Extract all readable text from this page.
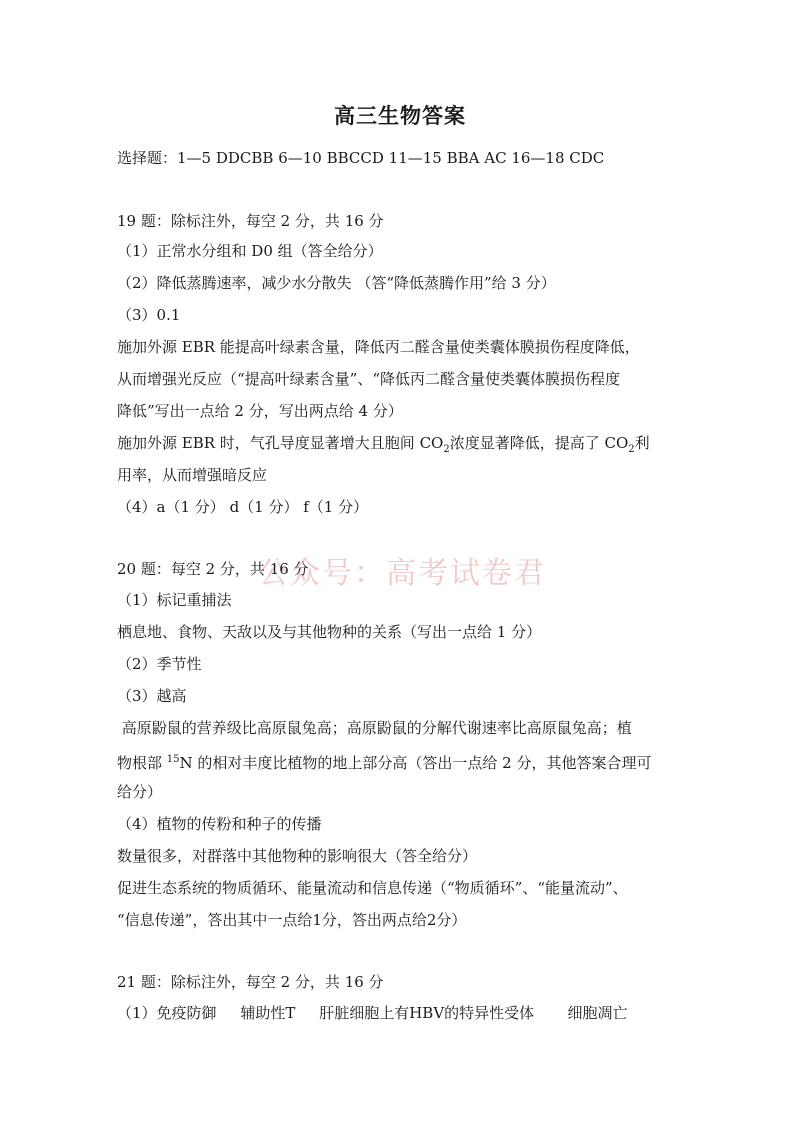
高三生物答案
选择题：1—5 DDCBB 6—10 BBCCD 11—15 BBA AC 16—18 CDC
19 题：除标注外，每空 2 分，共 16 分
（1）正常水分组和 D0 组（答全给分）
（2）降低蒸腾速率，减少水分散失 （答“降低蒸腾作用”给 3 分）
（3）0.1
施加外源 EBR 能提高叶绿素含量，降低丙二醛含量使类囊体膜损伤程度降低，
从而增强光反应（“提高叶绿素含量”、“降低丙二醛含量使类囊体膜损伤程度
降低”写出一点给 2 分，写出两点给 4 分）
施加外源 EBR 时，气孔导度显著增大且胞间 $CO_2$浓度显著降低，提高了 $CO_2$利
用率，从而增强暗反应
（4）a（1 分） d（1 分） f（1 分）
公众号：高考试卷君
20 题：每空 2 分，共 16 分
（1）标记重捕法
栖息地、食物、天敌以及与其他物种的关系（写出一点给 1 分）
（2）季节性
（3）越高
高原鼢鼠的营养级比高原鼠兔高；高原鼢鼠的分解代谢速率比高原鼠兔高；植
物根部 $^{15}$N 的相对丰度比植物的地上部分高（答出一点给 2 分，其他答案合理可
给分）
（4）植物的传粉和种子的传播
数量很多，对群落中其他物种的影响很大（答全给分）
促进生态系统的物质循环、能量流动和信息传递（“物质循环”、“能量流动”、
“信息传递”，答出其中一点给1分，答出两点给2分）
21 题：除标注外，每空 2 分，共 16 分
（1）免疫防御     辅助性T     肝脏细胞上有HBV的特异性受体       细胞凋亡
